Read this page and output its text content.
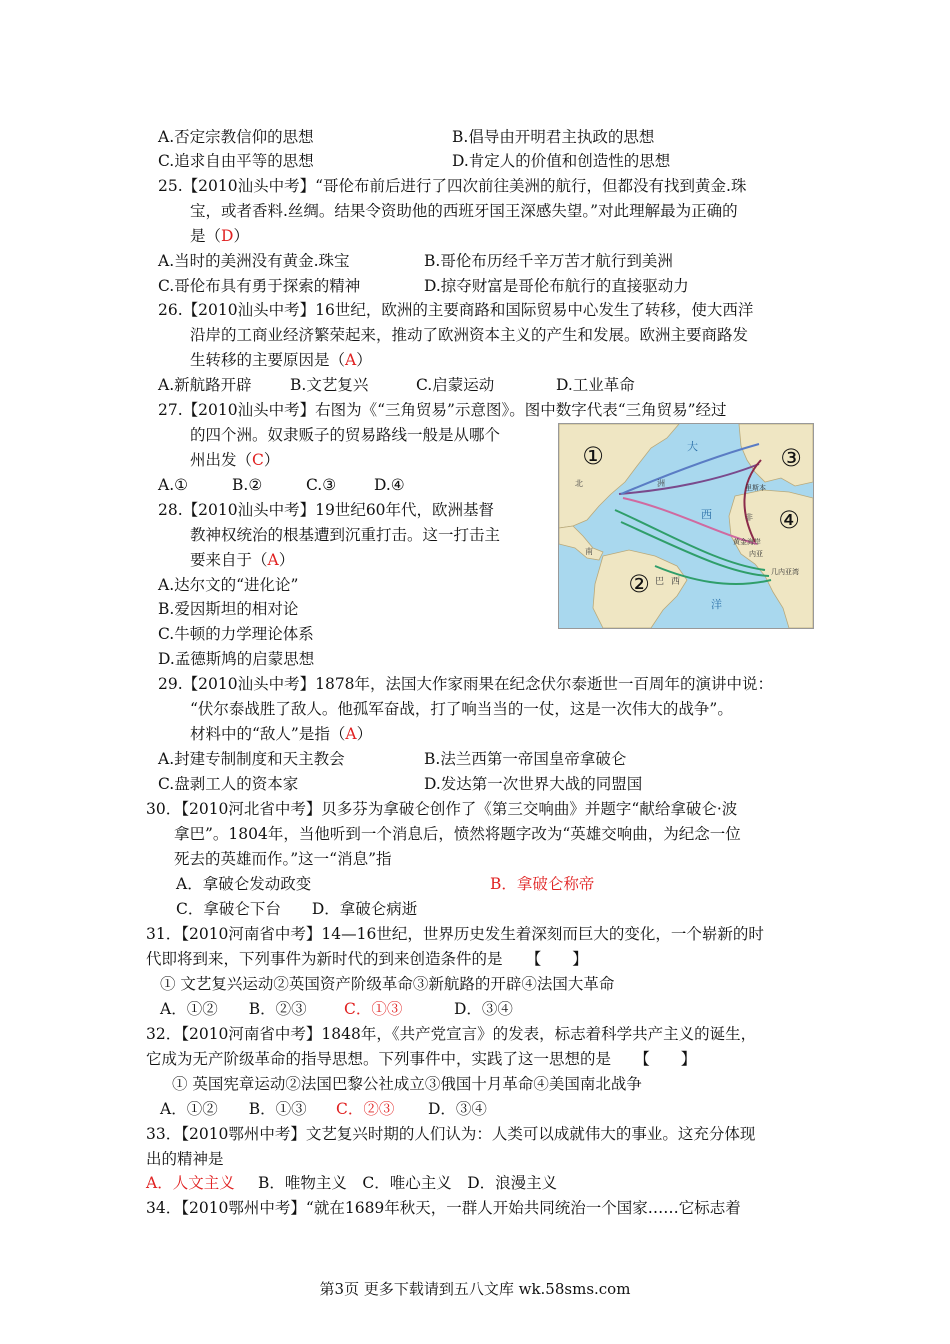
A.否定宗教信仰的思想	B.倡导由开明君主执政的思想
C.追求自由平等的思想	D.肯定人的价值和创造性的思想
25.【2010汕头中考】“哥伦布前后进行了四次前往美洲的航行，但都没有找到黄金.珠
宝，或者香料.丝绸。结果令资助他的西班牙国王深感失望。”对此理解最为正确的
是（D）
A.当时的美洲没有黄金.珠宝	B.哥伦布历经千辛万苦才航行到美洲
C.哥伦布具有勇于探索的精神	D.掠夺财富是哥伦布航行的直接驱动力
26.【2010汕头中考】16世纪，欧洲的主要商路和国际贸易中心发生了转移，使大西洋
沿岸的工商业经济繁荣起来，推动了欧洲资本主义的产生和发展。欧洲主要商路发
生转移的主要原因是（A）
A.新航路开辟 B.文艺复兴	C.启蒙运动	D.工业革命
27.【2010汕头中考】右图为《“三角贸易”示意图》。图中数字代表“三角贸易”经过
的四个洲。奴隶贩子的贸易路线一般是从哪个
州出发（C）
A.①	B.②	C.③ D.④
28.【2010汕头中考】19世纪60年代，欧洲基督
教神权统治的根基遭到沉重打击。这一打击主
要来自于（A）
A.达尔文的“进化论”
B.爱因斯坦的相对论
C.牛顿的力学理论体系
D.孟德斯鸠的启蒙思想
①
②
③
④
大
西
洋
北	洲
南
非
巴 西
里斯本
几内亚湾
内亚
黄金海岸
29.【2010汕头中考】1878年，法国大作家雨果在纪念伏尔泰逝世一百周年的演讲中说：
“伏尔泰战胜了敌人。他孤军奋战，打了响当当的一仗，这是一次伟大的战争”。
材料中的“敌人”是指（A）
A.封建专制制度和天主教会	B.法兰西第一帝国皇帝拿破仑
C.盘剥工人的资本家	D.发达第一次世界大战的同盟国
30．【2010河北省中考】贝多芬为拿破仑创作了《第三交响曲》并题字“献给拿破仑·波
拿巴”。1804年，当他听到一个消息后，愤然将题字改为“英雄交响曲，为纪念一位
死去的英雄而作。”这一“消息”指
A．拿破仑发动政变	B．拿破仑称帝
C．拿破仑下台　　D．拿破仑病逝
31．【2010河南省中考】14—16世纪，世界历史发生着深刻而巨大的变化，一个崭新的时
代即将到来，下列事件为新时代的到来创造条件的是　　【　　】
① 文艺复兴运动②英国资产阶级革命③新航路的开辟④法国大革命
A．①②　　B．②③ C．①③	D．③④
32．【2010河南省中考】1848年，《共产党宣言》的发表，标志着科学共产主义的诞生，
它成为无产阶级革命的指导思想。下列事件中，实践了这一思想的是　　【　　】
① 英国宪章运动②法国巴黎公社成立③俄国十月革命④美国南北战争
A．①②　　B．①③ C．②③ D．③④
33．【2010鄂州中考】文艺复兴时期的人们认为：人类可以成就伟大的事业。这充分体现
出的精神是
A．人文主义 B．唯物主义　C．唯心主义　D．浪漫主义
34．【2010鄂州中考】“就在1689年秋天，一群人开始共同统治一个国家……它标志着
第3页 更多下载请到五八文库 wk.58sms.com
